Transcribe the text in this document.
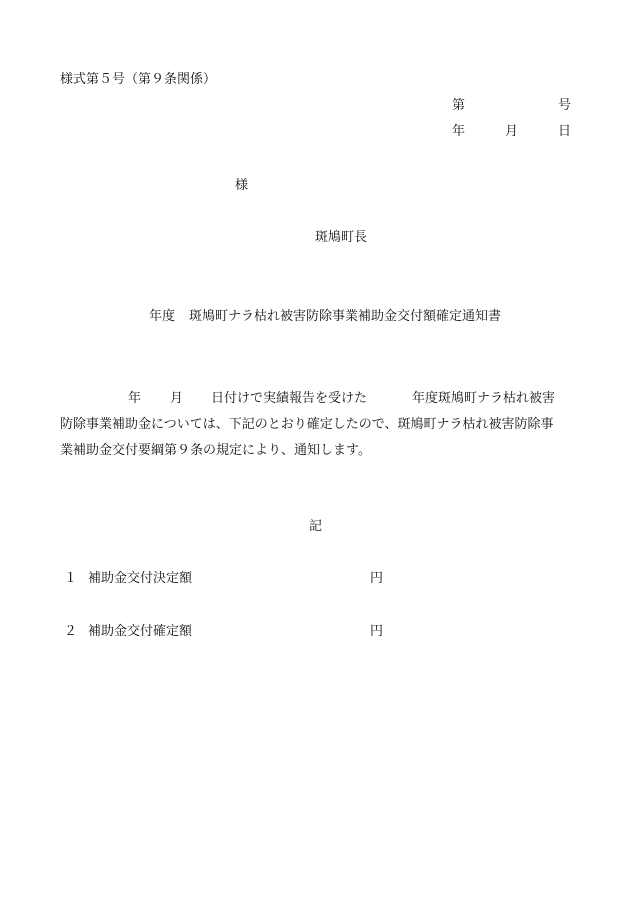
様式第５号（第９条関係）
第	号
年	月	日
様
斑鳩町長
年度 斑鳩町ナラ枯れ被害防除事業補助金交付額確定通知書
年 月 日付けで実績報告を受けた	年度斑鳩町ナラ枯れ被害
防除事業補助金については、下記のとおり確定したので、斑鳩町ナラ枯れ被害防除事
業補助金交付要綱第９条の規定により、通知します。
記
１ 補助金交付決定額	円
２ 補助金交付確定額	円
